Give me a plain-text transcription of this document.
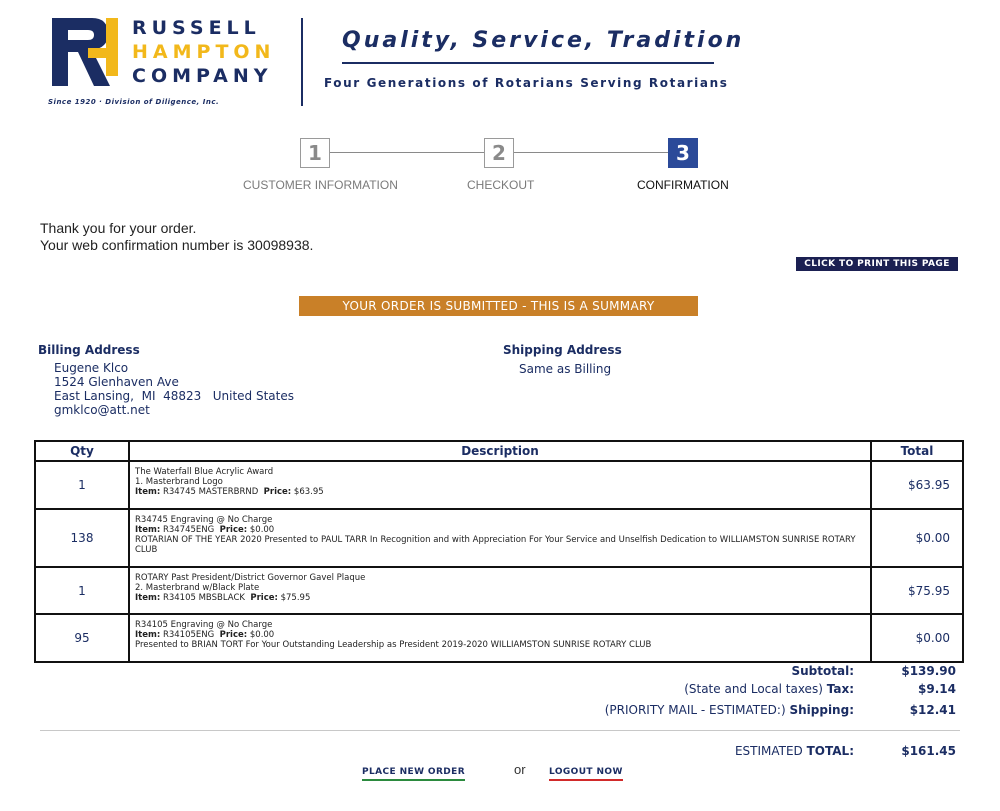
RUSSELL
HAMPTON
COMPANY
Since 1920 · Division of Diligence, Inc.
Quality, Service, Tradition
Four Generations of Rotarians Serving Rotarians
1	2	3
CUSTOMER INFORMATION	CHECKOUT	CONFIRMATION
Thank you for your order.
Your web confirmation number is 30098938.
CLICK TO PRINT THIS PAGE
YOUR ORDER IS SUBMITTED - THIS IS A SUMMARY
Billing Address
Eugene Klco
1524 Glenhaven Ave
East Lansing,  MI  48823   United States
gmklco@att.net
Shipping Address
Same as Billing
Qty	Description	Total
1	The Waterfall Blue Acrylic Award
1. Masterbrand Logo
Item: R34745 MASTERBRND Price: $63.95	$63.95
138	R34745 Engraving @ No Charge
Item: R34745ENG Price: $0.00
ROTARIAN OF THE YEAR 2020 Presented to PAUL TARR In Recognition and with Appreciation For Your Service and Unselfish Dedication to WILLIAMSTON SUNRISE ROTARY CLUB	$0.00
1	ROTARY Past President/District Governor Gavel Plaque
2. Masterbrand w/Black Plate
Item: R34105 MBSBLACK Price: $75.95	$75.95
95	R34105 Engraving @ No Charge
Item: R34105ENG Price: $0.00
Presented to BRIAN TORT For Your Outstanding Leadership as President 2019-2020 WILLIAMSTON SUNRISE ROTARY CLUB	$0.00
Subtotal:	$139.90
(State and Local taxes) Tax:	$9.14
(PRIORITY MAIL - ESTIMATED:) Shipping:	$12.41
ESTIMATED TOTAL:	$161.45
PLACE NEW ORDER	or	LOGOUT NOW
